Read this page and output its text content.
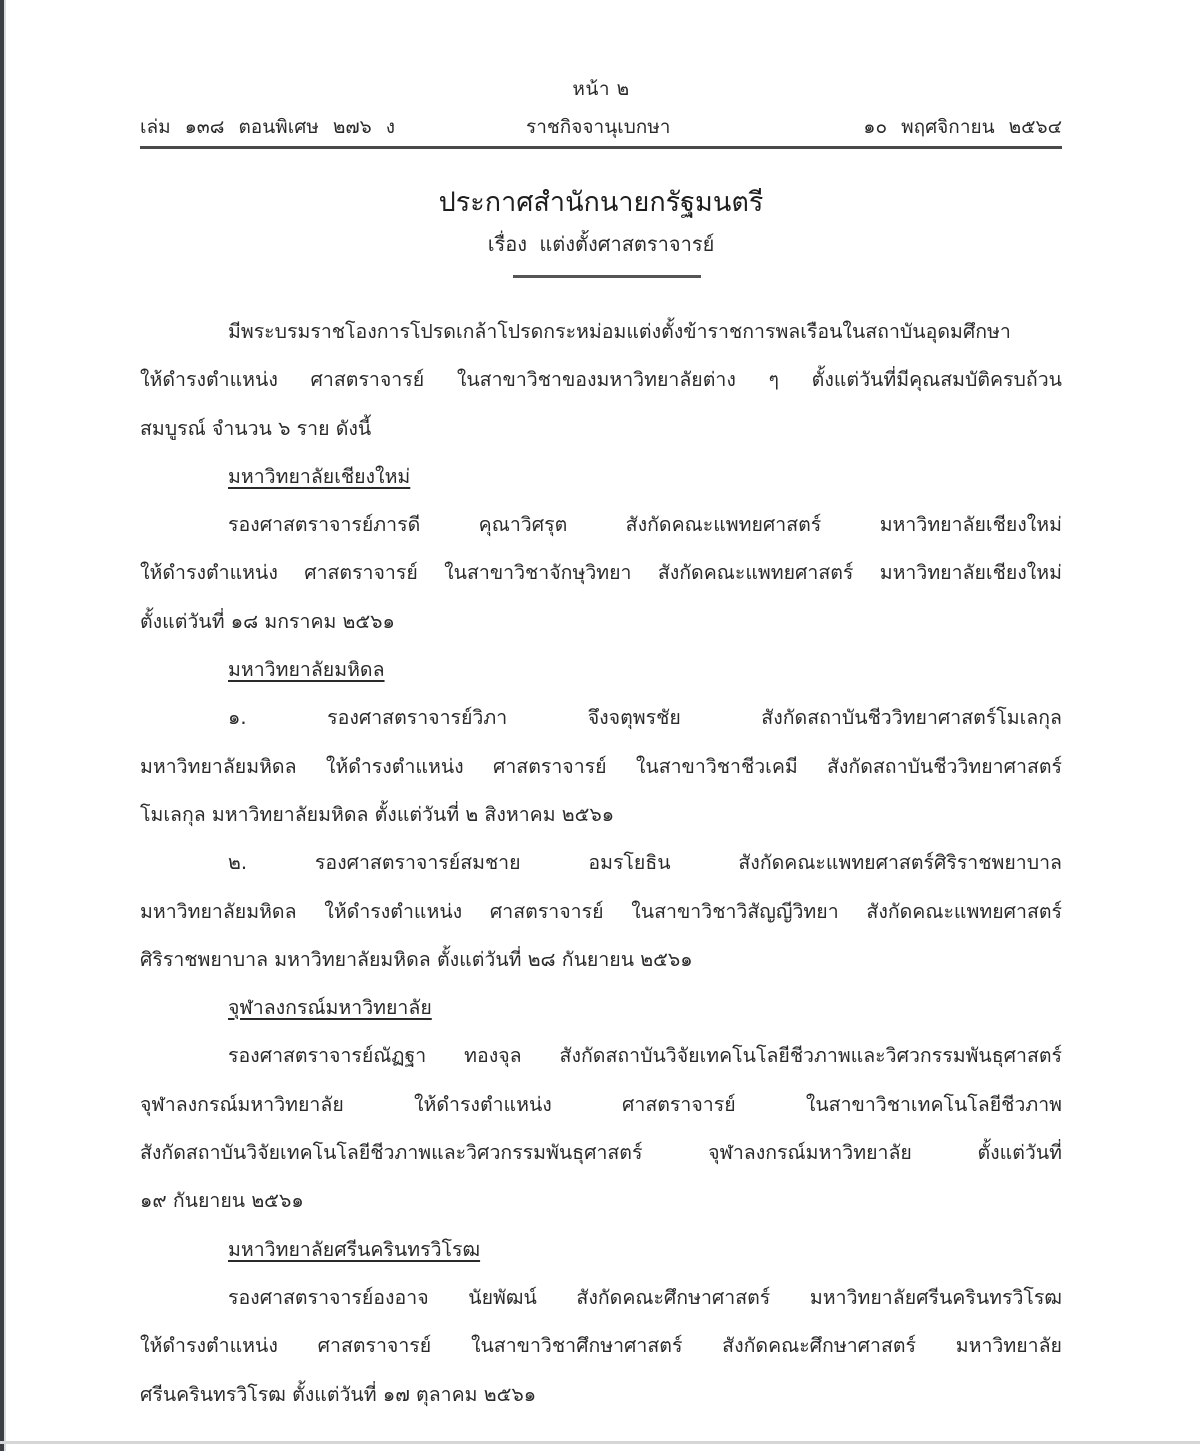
หน้า ๒
เล่ม ๑๓๘ ตอนพิเศษ ๒๗๖ ง	ราชกิจจานุเบกษา	๑๐ พฤศจิกายน ๒๕๖๔
ประกาศสำนักนายกรัฐมนตรี
เรื่อง แต่งตั้งศาสตราจารย์
มีพระบรมราชโองการโปรดเกล้าโปรดกระหม่อมแต่งตั้งข้าราชการพลเรือนในสถาบันอุดมศึกษา
ให้ดำรงตำแหน่ง ศาสตราจารย์ ในสาขาวิชาของมหาวิทยาลัยต่าง ๆ ตั้งแต่วันที่มีคุณสมบัติครบถ้วน
สมบูรณ์ จำนวน ๖ ราย ดังนี้
มหาวิทยาลัยเชียงใหม่
รองศาสตราจารย์ภารดี คุณาวิศรุต สังกัดคณะแพทยศาสตร์ มหาวิทยาลัยเชียงใหม่
ให้ดำรงตำแหน่ง ศาสตราจารย์ ในสาขาวิชาจักษุวิทยา สังกัดคณะแพทยศาสตร์ มหาวิทยาลัยเชียงใหม่
ตั้งแต่วันที่ ๑๘ มกราคม ๒๕๖๑
มหาวิทยาลัยมหิดล
๑. รองศาสตราจารย์วิภา จึงจตุพรชัย สังกัดสถาบันชีววิทยาศาสตร์โมเลกุล
มหาวิทยาลัยมหิดล ให้ดำรงตำแหน่ง ศาสตราจารย์ ในสาขาวิชาชีวเคมี สังกัดสถาบันชีววิทยาศาสตร์
โมเลกุล มหาวิทยาลัยมหิดล ตั้งแต่วันที่ ๒ สิงหาคม ๒๕๖๑
๒. รองศาสตราจารย์สมชาย อมรโยธิน สังกัดคณะแพทยศาสตร์ศิริราชพยาบาล
มหาวิทยาลัยมหิดล ให้ดำรงตำแหน่ง ศาสตราจารย์ ในสาขาวิชาวิสัญญีวิทยา สังกัดคณะแพทยศาสตร์
ศิริราชพยาบาล มหาวิทยาลัยมหิดล ตั้งแต่วันที่ ๒๘ กันยายน ๒๕๖๑
จุฬาลงกรณ์มหาวิทยาลัย
รองศาสตราจารย์ณัฏฐา ทองจุล สังกัดสถาบันวิจัยเทคโนโลยีชีวภาพและวิศวกรรมพันธุศาสตร์
จุฬาลงกรณ์มหาวิทยาลัย ให้ดำรงตำแหน่ง ศาสตราจารย์ ในสาขาวิชาเทคโนโลยีชีวภาพ
สังกัดสถาบันวิจัยเทคโนโลยีชีวภาพและวิศวกรรมพันธุศาสตร์ จุฬาลงกรณ์มหาวิทยาลัย ตั้งแต่วันที่
๑๙ กันยายน ๒๕๖๑
มหาวิทยาลัยศรีนครินทรวิโรฒ
รองศาสตราจารย์องอาจ นัยพัฒน์ สังกัดคณะศึกษาศาสตร์ มหาวิทยาลัยศรีนครินทรวิโรฒ
ให้ดำรงตำแหน่ง ศาสตราจารย์ ในสาขาวิชาศึกษาศาสตร์ สังกัดคณะศึกษาศาสตร์ มหาวิทยาลัย
ศรีนครินทรวิโรฒ ตั้งแต่วันที่ ๑๗ ตุลาคม ๒๕๖๑
